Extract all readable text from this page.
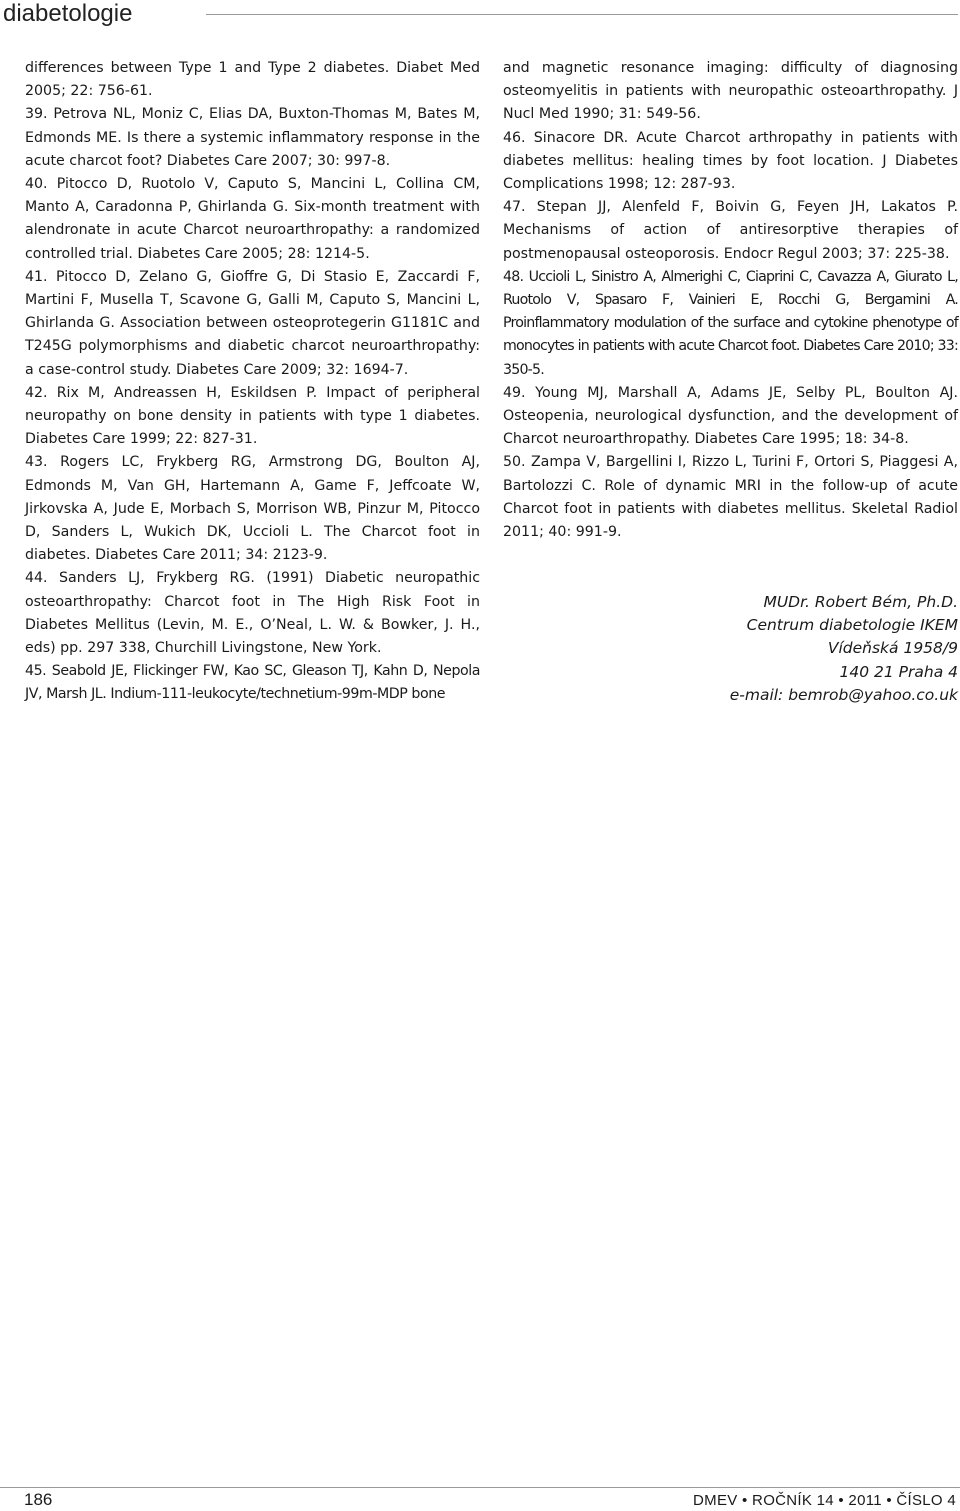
diabetologie

differences between Type 1 and Type 2 diabetes. Diabet Med 2005; 22: 756-61.

39. Petrova NL, Moniz C, Elias DA, Buxton-Thomas M, Bates M, Edmonds ME. Is there a systemic inflammatory response in the acute charcot foot? Diabetes Care 2007; 30: 997-8.

40. Pitocco D, Ruotolo V, Caputo S, Mancini L, Collina CM, Manto A, Caradonna P, Ghirlanda G. Six-month treatment with alendronate in acute Charcot neuroarthropathy: a randomized controlled trial. Diabetes Care 2005; 28: 1214-5.

41. Pitocco D, Zelano G, Gioffre G, Di Stasio E, Zaccardi F, Martini F, Musella T, Scavone G, Galli M, Caputo S, Mancini L, Ghirlanda G. Association between osteoprotegerin G1181C and T245G polymorphisms and diabetic charcot neuroarthropathy: a case-control study. Diabetes Care 2009; 32: 1694-7.

42. Rix M, Andreassen H, Eskildsen P. Impact of peripheral neuropathy on bone density in patients with type 1 diabetes. Diabetes Care 1999; 22: 827-31.

43. Rogers LC, Frykberg RG, Armstrong DG, Boulton AJ, Edmonds M, Van GH, Hartemann A, Game F, Jeffcoate W, Jirkovska A, Jude E, Morbach S, Morrison WB, Pinzur M, Pitocco D, Sanders L, Wukich DK, Uccioli L. The Charcot foot in diabetes. Diabetes Care 2011; 34: 2123-9.

44. Sanders LJ, Frykberg RG. (1991) Diabetic neuropathic osteoarthropathy: Charcot foot in The High Risk Foot in Diabetes Mellitus (Levin, M. E., O’Neal, L. W. & Bowker, J. H., eds) pp. 297 338, Churchill Livingstone, New York.

45. Seabold JE, Flickinger FW, Kao SC, Gleason TJ, Kahn D, Nepola JV, Marsh JL. Indium-111-leukocyte/technetium-99m-MDP bone

and magnetic resonance imaging: difficulty of diagnosing osteomyelitis in patients with neuropathic osteoarthropathy. J Nucl Med 1990; 31: 549-56.

46. Sinacore DR. Acute Charcot arthropathy in patients with diabetes mellitus: healing times by foot location. J Diabetes Complications 1998; 12: 287-93.

47. Stepan JJ, Alenfeld F, Boivin G, Feyen JH, Lakatos P. Mechanisms of action of antiresorptive therapies of postmenopausal osteoporosis. Endocr Regul 2003; 37: 225-38.

48. Uccioli L, Sinistro A, Almerighi C, Ciaprini C, Cavazza A, Giurato L, Ruotolo V, Spasaro F, Vainieri E, Rocchi G, Bergamini A. Proinflammatory modulation of the surface and cytokine phenotype of monocytes in patients with acute Charcot foot. Diabetes Care 2010; 33: 350-5.

49. Young MJ, Marshall A, Adams JE, Selby PL, Boulton AJ. Osteopenia, neurological dysfunction, and the development of Charcot neuroarthropathy. Diabetes Care 1995; 18: 34-8.

50. Zampa V, Bargellini I, Rizzo L, Turini F, Ortori S, Piaggesi A, Bartolozzi C. Role of dynamic MRI in the follow-up of acute Charcot foot in patients with diabetes mellitus. Skeletal Radiol 2011; 40: 991-9.

MUDr. Robert Bém, Ph.D.
Centrum diabetologie IKEM
Vídeňská 1958/9
140 21 Praha 4
e-mail: bemrob@yahoo.co.uk
186	DMEV • ROČNÍK 14 • 2011 • ČÍSLO 4
